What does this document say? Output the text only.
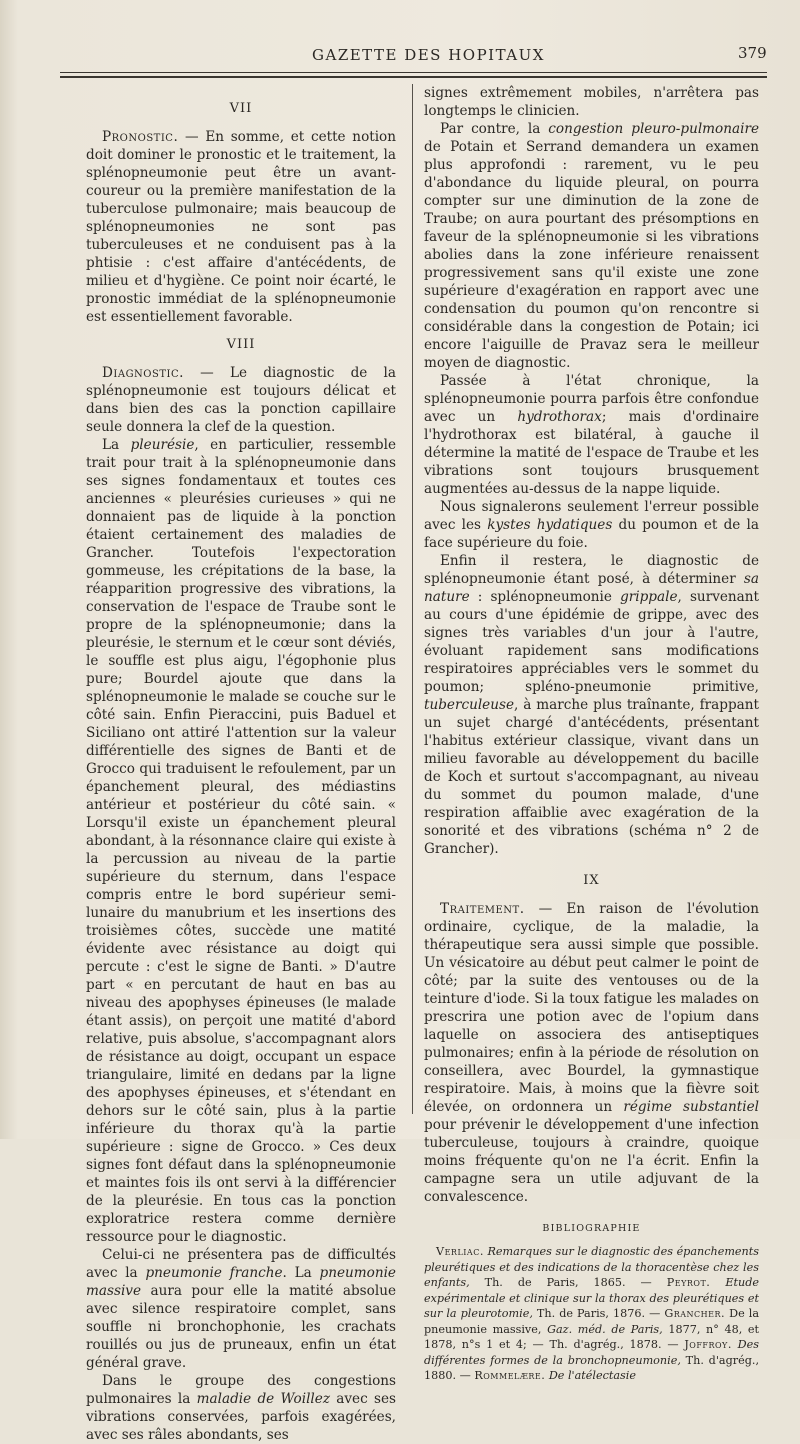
GAZETTE DES HOPITAUX	379
VII

Pronostic. — En somme, et cette notion doit dominer le pronostic et le traitement, la splénopneumonie peut être un avant-coureur ou la première manifestation de la tuberculose pulmonaire; mais beaucoup de splénopneumonies ne sont pas tuberculeuses et ne conduisent pas à la phtisie : c'est affaire d'antécédents, de milieu et d'hygiène. Ce point noir écarté, le pronostic immédiat de la splénopneumonie est essentiellement favorable.

VIII

Diagnostic. — Le diagnostic de la splénopneumonie est toujours délicat et dans bien des cas la ponction capillaire seule donnera la clef de la question.

La pleurésie, en particulier, ressemble trait pour trait à la splénopneumonie dans ses signes fondamentaux et toutes ces anciennes « pleurésies curieuses » qui ne donnaient pas de liquide à la ponction étaient certainement des maladies de Grancher. Toutefois l'expectoration gommeuse, les crépitations de la base, la réapparition progressive des vibrations, la conservation de l'espace de Traube sont le propre de la splénopneumonie; dans la pleurésie, le sternum et le cœur sont déviés, le souffle est plus aigu, l'égophonie plus pure; Bourdel ajoute que dans la splénopneumonie le malade se couche sur le côté sain. Enfin Pieraccini, puis Baduel et Siciliano ont attiré l'attention sur la valeur différentielle des signes de Banti et de Grocco qui traduisent le refoulement, par un épanchement pleural, des médiastins antérieur et postérieur du côté sain. « Lorsqu'il existe un épanchement pleural abondant, à la résonnance claire qui existe à la percussion au niveau de la partie supérieure du sternum, dans l'espace compris entre le bord supérieur semi-lunaire du manubrium et les insertions des troisièmes côtes, succède une matité évidente avec résistance au doigt qui percute : c'est le signe de Banti. » D'autre part « en percutant de haut en bas au niveau des apophyses épineuses (le malade étant assis), on perçoit une matité d'abord relative, puis absolue, s'accompagnant alors de résistance au doigt, occupant un espace triangulaire, limité en dedans par la ligne des apophyses épineuses, et s'étendant en dehors sur le côté sain, plus à la partie inférieure du thorax qu'à la partie supérieure : signe de Grocco. » Ces deux signes font défaut dans la splénopneumonie et maintes fois ils ont servi à la différencier de la pleurésie. En tous cas la ponction exploratrice restera comme dernière ressource pour le diagnostic.

Celui-ci ne présentera pas de difficultés avec la pneumonie franche. La pneumonie massive aura pour elle la matité absolue avec silence respiratoire complet, sans souffle ni bronchophonie, les crachats rouillés ou jus de pruneaux, enfin un état général grave.

Dans le groupe des congestions pulmonaires la maladie de Woillez avec ses vibrations conservées, parfois exagérées, avec ses râles abondants, ses

signes extrêmement mobiles, n'arrêtera pas longtemps le clinicien.

Par contre, la congestion pleuro-pulmonaire de Potain et Serrand demandera un examen plus approfondi : rarement, vu le peu d'abondance du liquide pleural, on pourra compter sur une diminution de la zone de Traube; on aura pourtant des présomptions en faveur de la splénopneumonie si les vibrations abolies dans la zone inférieure renaissent progressivement sans qu'il existe une zone supérieure d'exagération en rapport avec une condensation du poumon qu'on rencontre si considérable dans la congestion de Potain; ici encore l'aiguille de Pravaz sera le meilleur moyen de diagnostic.

Passée à l'état chronique, la splénopneumonie pourra parfois être confondue avec un hydrothorax; mais d'ordinaire l'hydrothorax est bilatéral, à gauche il détermine la matité de l'espace de Traube et les vibrations sont toujours brusquement augmentées au-dessus de la nappe liquide.

Nous signalerons seulement l'erreur possible avec les kystes hydatiques du poumon et de la face supérieure du foie.

Enfin il restera, le diagnostic de splénopneumonie étant posé, à déterminer sa nature : splénopneumonie grippale, survenant au cours d'une épidémie de grippe, avec des signes très variables d'un jour à l'autre, évoluant rapidement sans modifications respiratoires appréciables vers le sommet du poumon; spléno-pneumonie primitive, tuberculeuse, à marche plus traînante, frappant un sujet chargé d'antécédents, présentant l'habitus extérieur classique, vivant dans un milieu favorable au développement du bacille de Koch et surtout s'accompagnant, au niveau du sommet du poumon malade, d'une respiration affaiblie avec exagération de la sonorité et des vibrations (schéma n° 2 de Grancher).

IX

Traitement. — En raison de l'évolution ordinaire, cyclique, de la maladie, la thérapeutique sera aussi simple que possible. Un vésicatoire au début peut calmer le point de côté; par la suite des ventouses ou de la teinture d'iode. Si la toux fatigue les malades on prescrira une potion avec de l'opium dans laquelle on associera des antiseptiques pulmonaires; enfin à la période de résolution on conseillera, avec Bourdel, la gymnastique respiratoire. Mais, à moins que la fièvre soit élevée, on ordonnera un régime substantiel pour prévenir le développement d'une infection tuberculeuse, toujours à craindre, quoique moins fréquente qu'on ne l'a écrit. Enfin la campagne sera un utile adjuvant de la convalescence.

BIBLIOGRAPHIE

Verliac. Remarques sur le diagnostic des épanchements pleurétiques et des indications de la thoracentèse chez les enfants, Th. de Paris, 1865. — Peyrot. Etude expérimentale et clinique sur la thorax des pleurétiques et sur la pleurotomie, Th. de Paris, 1876. — Grancher. De la pneumonie massive, Gaz. méd. de Paris, 1877, n° 48, et 1878, n°s 1 et 4; — Th. d'agrég., 1878. — Joffroy. Des différentes formes de la bronchopneumonie, Th. d'agrég., 1880. — Rommelære. De l'atélectasie
